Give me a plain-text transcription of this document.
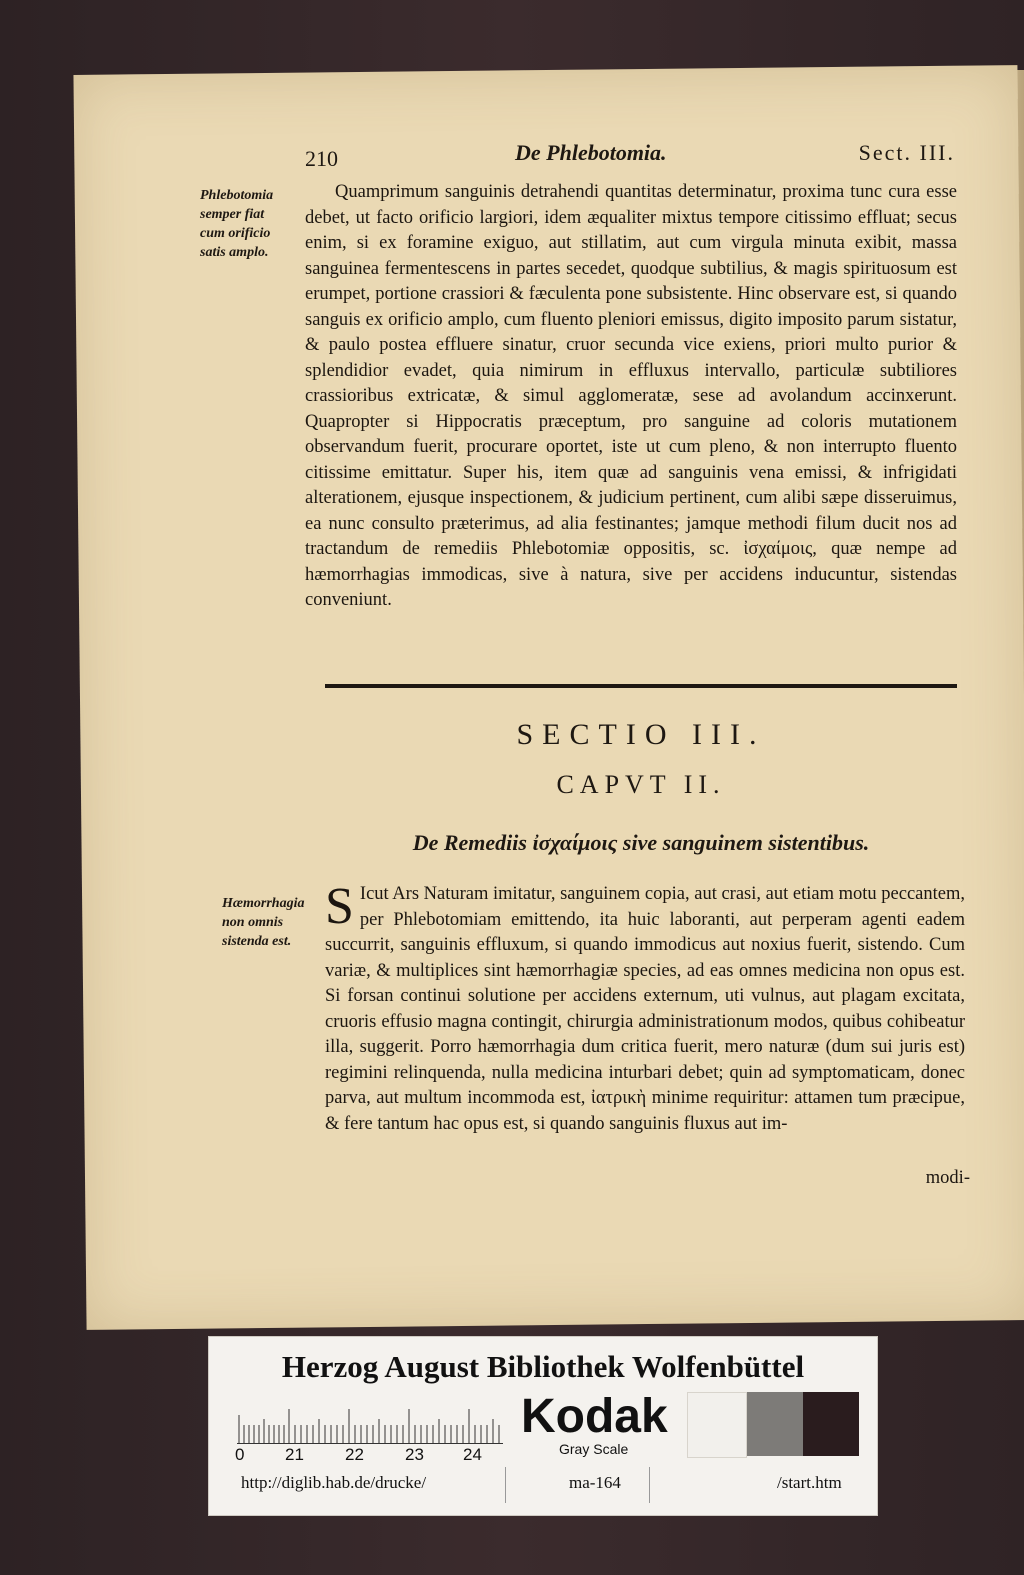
210	De Phlebotomia.	Sect. III.
Phlebotomia semper fiat cum orificio satis amplo.
Quamprimum sanguinis detrahendi quantitas determinatur, proxima tunc cura esse debet, ut facto orificio largiori, idem æqualiter mixtus tempore citissimo effluat; secus enim, si ex foramine exiguo, aut stillatim, aut cum virgula minuta exibit, massa sanguinea fermentescens in partes secedet, quodque subtilius, & magis spirituosum est erumpet, portione crassiori & fæculenta pone subsistente. Hinc observare est, si quando sanguis ex orificio amplo, cum fluento pleniori emissus, digito imposito parum sistatur, & paulo postea effluere sinatur, cruor secunda vice exiens, priori multo purior & splendidior evadet, quia nimirum in effluxus intervallo, particulæ subtiliores crassioribus extricatæ, & simul agglomeratæ, sese ad avolandum accinxerunt. Quapropter si Hippocratis præceptum, pro sanguine ad coloris mutationem observandum fuerit, procurare oportet, iste ut cum pleno, & non interrupto fluento citissime emittatur. Super his, item quæ ad sanguinis vena emissi, & infrigidati alterationem, ejusque inspectionem, & judicium pertinent, cum alibi sæpe disseruimus, ea nunc consulto præterimus, ad alia festinantes; jamque methodi filum ducit nos ad tractandum de remediis Phlebotomiæ oppositis, sc. ἰσχαίμοις, quæ nempe ad hæmorrhagias immodicas, sive à natura, sive per accidens inducuntur, sistendas conveniunt.
SECTIO III.
CAPVT II.
De Remediis ἰσχαίμοις sive sanguinem sistentibus.
Hæmorrhagia non omnis sistenda est.
S Icut Ars Naturam imitatur, sanguinem copia, aut crasi, aut etiam motu peccantem, per Phlebotomiam emittendo, ita huic laboranti, aut perperam agenti eadem succurrit, sanguinis effluxum, si quando immodicus aut noxius fuerit, sistendo. Cum variæ, & multiplices sint hæmorrhagiæ species, ad eas omnes medicina non opus est. Si forsan continui solutione per accidens externum, uti vulnus, aut plagam excitata, cruoris effusio magna contingit, chirurgia administrationum modos, quibus cohibeatur illa, suggerit. Porro hæmorrhagia dum critica fuerit, mero naturæ (dum sui juris est) regimini relinquenda, nulla medicina inturbari debet; quin ad symptomaticam, donec parva, aut multum incommoda est, ἰατρικὴ minime requiritur: attamen tum præcipue, & fere tantum hac opus est, si quando sanguinis fluxus aut im-
modi-
Herzog August Bibliothek Wolfenbüttel
0 21 22 23 24
Kodak
Gray Scale
http://diglib.hab.de/drucke/	ma-164	/start.htm
